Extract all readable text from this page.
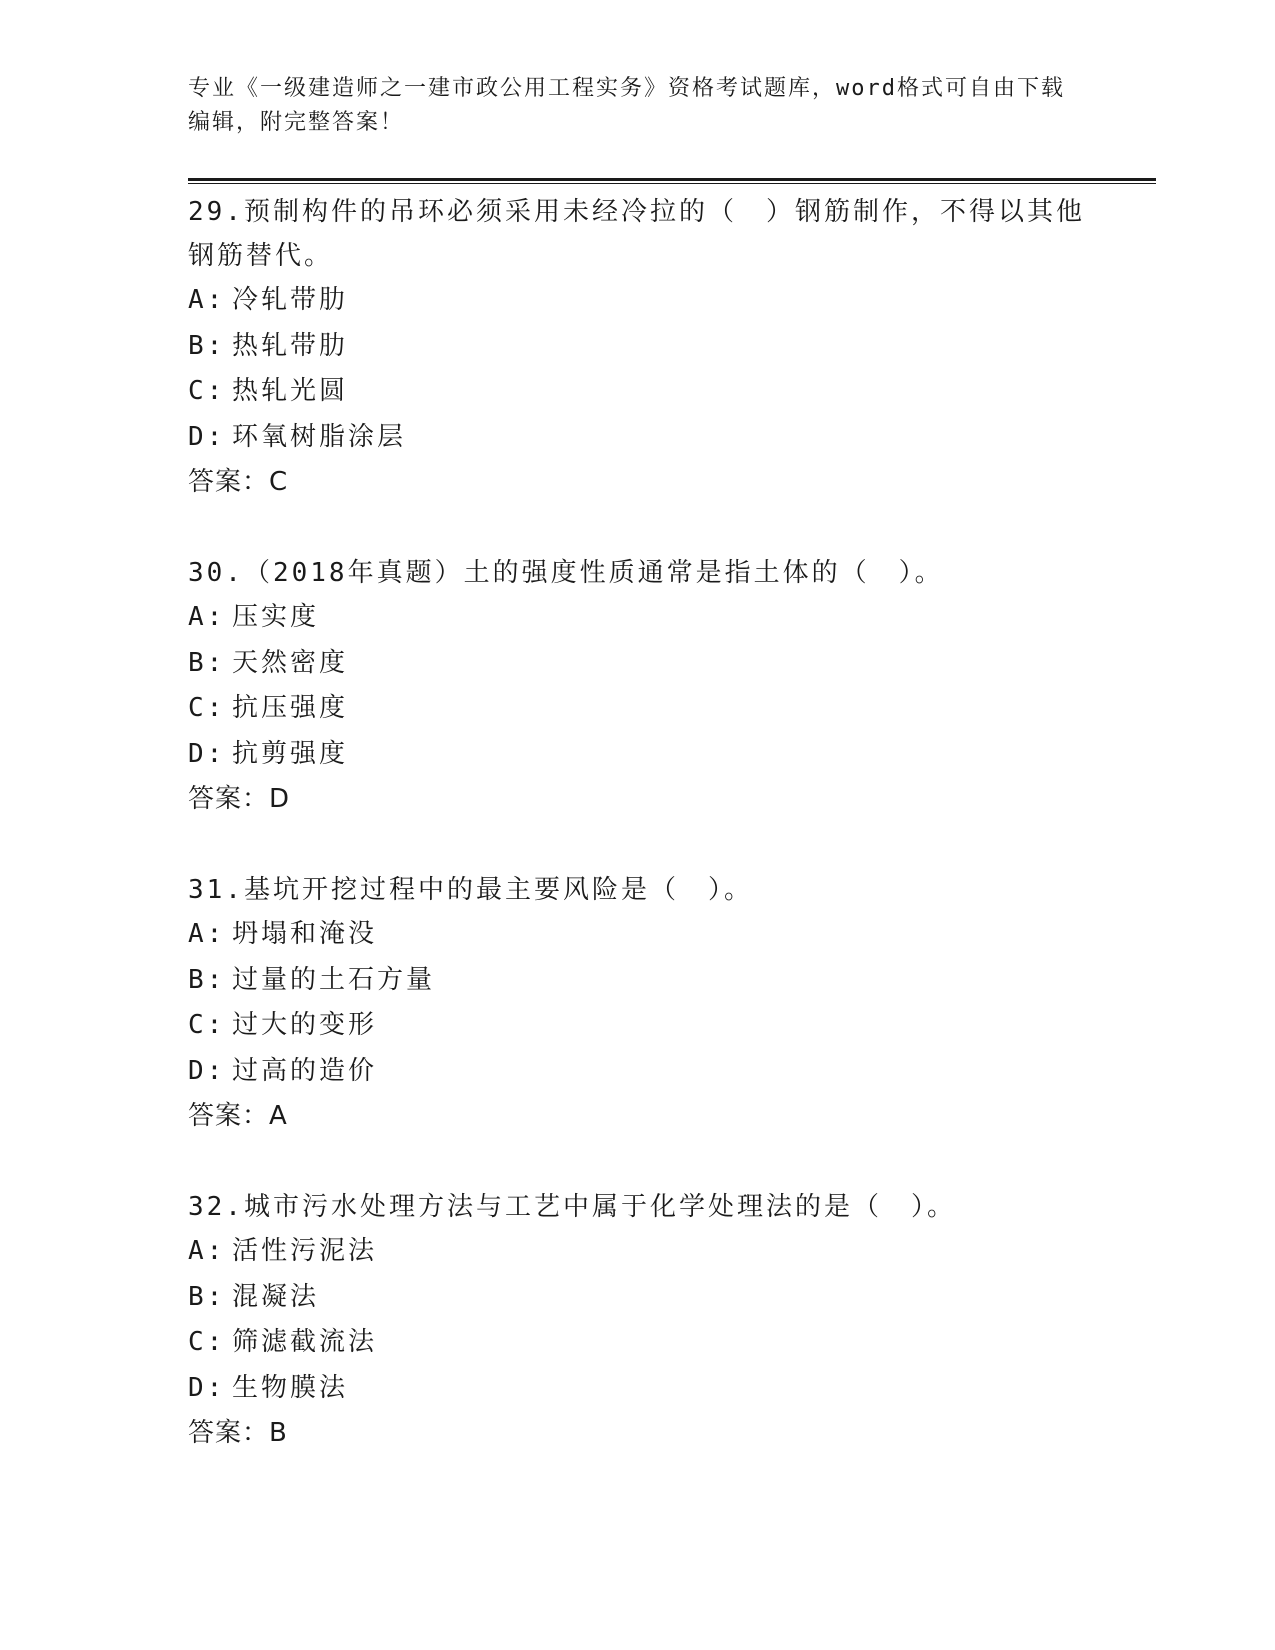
专业《一级建造师之一建市政公用工程实务》资格考试题库，word格式可自由下载编辑，附完整答案！
29.预制构件的吊环必须采用未经冷拉的（　）钢筋制作，不得以其他钢筋替代。
A: 冷轧带肋
B: 热轧带肋
C: 热轧光圆
D: 环氧树脂涂层
答案：C
30.（2018年真题）土的强度性质通常是指土体的（　）。
A: 压实度
B: 天然密度
C: 抗压强度
D: 抗剪强度
答案：D
31.基坑开挖过程中的最主要风险是（　）。
A: 坍塌和淹没
B: 过量的土石方量
C: 过大的变形
D: 过高的造价
答案：A
32.城市污水处理方法与工艺中属于化学处理法的是（　）。
A: 活性污泥法
B: 混凝法
C: 筛滤截流法
D: 生物膜法
答案：B
